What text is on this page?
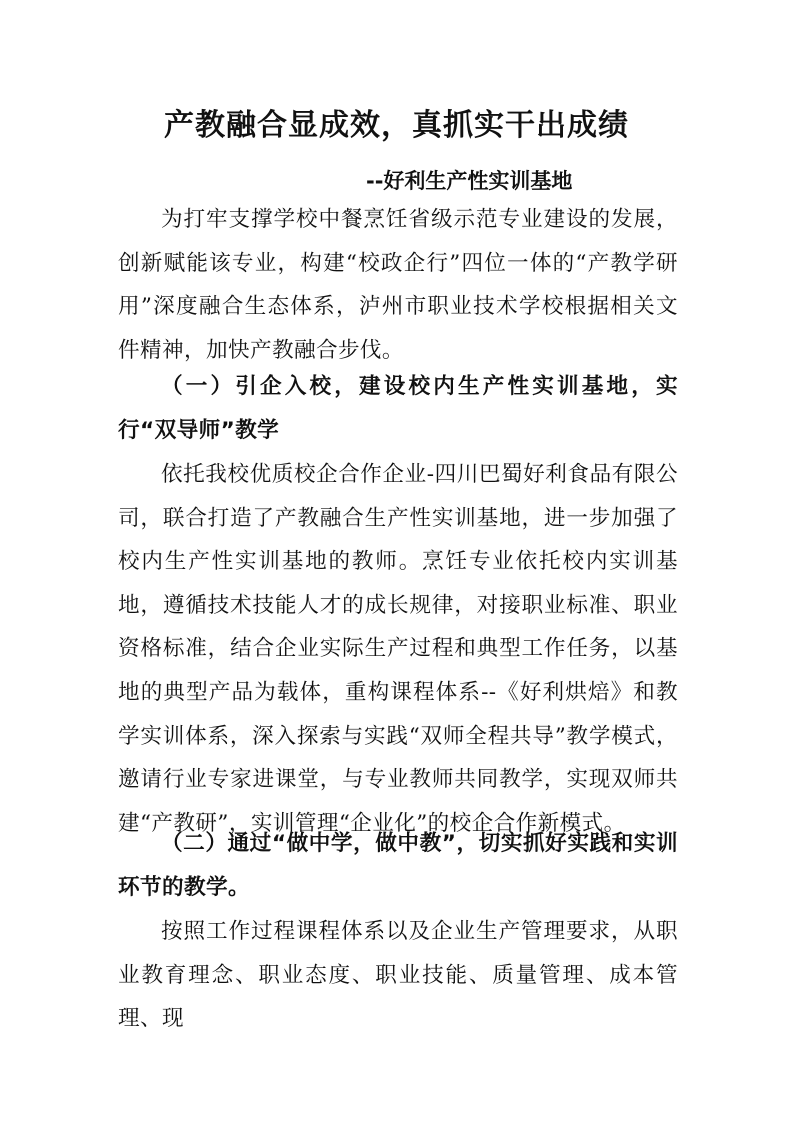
产教融合显成效，真抓实干出成绩
--好利生产性实训基地

为打牢支撑学校中餐烹饪省级示范专业建设的发展，创新赋能该专业，构建“校政企行”四位一体的“产教学研用”深度融合生态体系，泸州市职业技术学校根据相关文件精神，加快产教融合步伐。

（一）引企入校，建设校内生产性实训基地，实行“双导师”教学

依托我校优质校企合作企业-四川巴蜀好利食品有限公司，联合打造了产教融合生产性实训基地，进一步加强了校内生产性实训基地的教师。烹饪专业依托校内实训基地，遵循技术技能人才的成长规律，对接职业标准、职业资格标准，结合企业实际生产过程和典型工作任务，以基地的典型产品为载体，重构课程体系--《好利烘焙》和教学实训体系，深入探索与实践“双师全程共导”教学模式，邀请行业专家进课堂，与专业教师共同教学，实现双师共建“产教研”，实训管理“企业化”的校企合作新模式。

（二）通过“做中学，做中教”，切实抓好实践和实训环节的教学。

按照工作过程课程体系以及企业生产管理要求，从职业教育理念、职业态度、职业技能、质量管理、成本管理、现
